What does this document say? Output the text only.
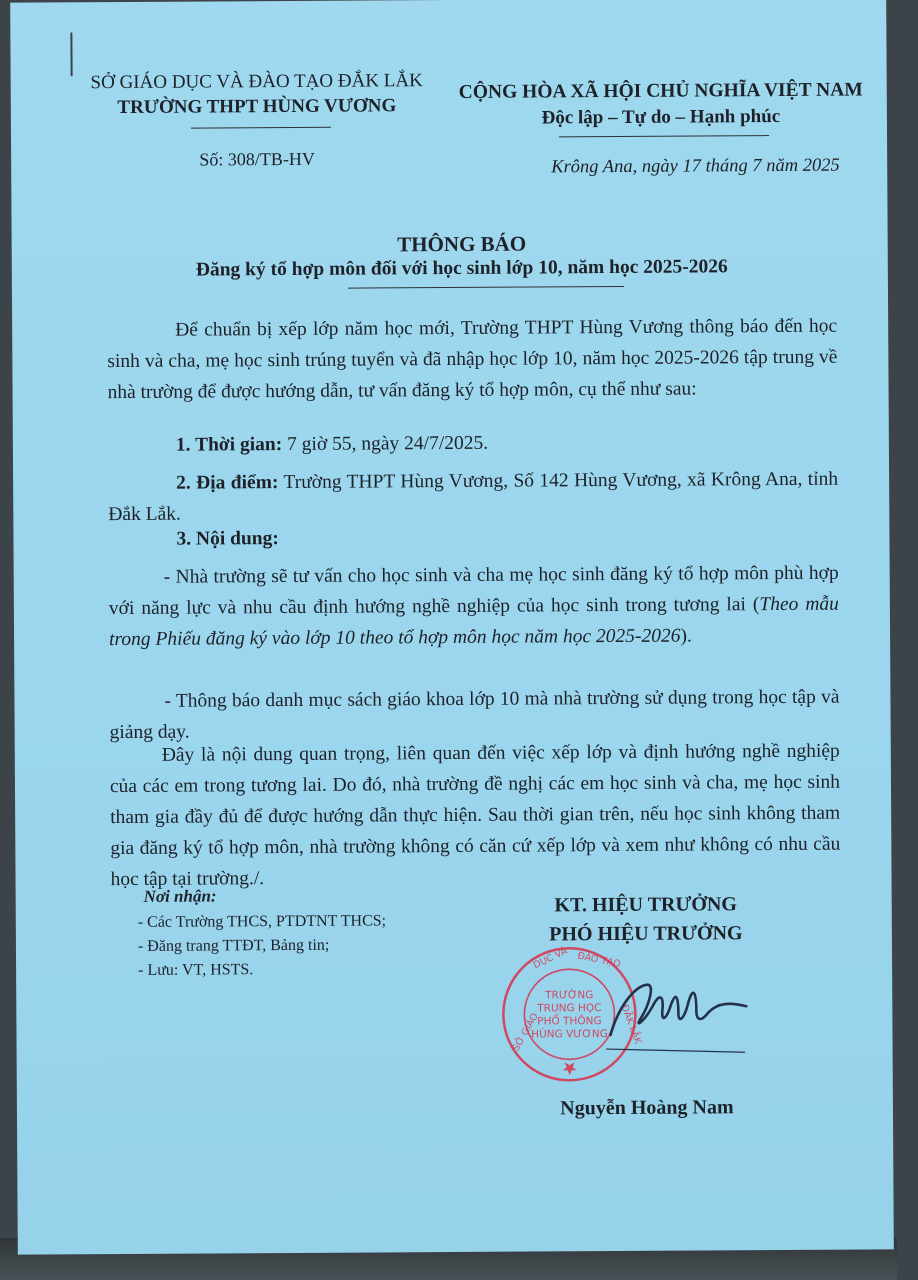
SỞ GIÁO DỤC VÀ ĐÀO TẠO ĐẮK LẮK
TRƯỜNG THPT HÙNG VƯƠNG
Số: 308/TB-HV
CỘNG HÒA XÃ HỘI CHỦ NGHĨA VIỆT NAM
Độc lập – Tự do – Hạnh phúc
Krông Ana, ngày 17 tháng 7 năm 2025
THÔNG BÁO
Đăng ký tổ hợp môn đối với học sinh lớp 10, năm học 2025-2026
Để chuẩn bị xếp lớp năm học mới, Trường THPT Hùng Vương thông báo đến học sinh và cha, mẹ học sinh trúng tuyển và đã nhập học lớp 10, năm học 2025-2026 tập trung về nhà trường để được hướng dẫn, tư vấn đăng ký tổ hợp môn, cụ thể như sau:
1. Thời gian: 7 giờ 55, ngày 24/7/2025.
2. Địa điểm: Trường THPT Hùng Vương, Số 142 Hùng Vương, xã Krông Ana, tỉnh Đắk Lắk.
3. Nội dung:
- Nhà trường sẽ tư vấn cho học sinh và cha mẹ học sinh đăng ký tổ hợp môn phù hợp với năng lực và nhu cầu định hướng nghề nghiệp của học sinh trong tương lai (Theo mẫu trong Phiếu đăng ký vào lớp 10 theo tổ hợp môn học năm học 2025-2026).
- Thông báo danh mục sách giáo khoa lớp 10 mà nhà trường sử dụng trong học tập và giảng dạy.
Đây là nội dung quan trọng, liên quan đến việc xếp lớp và định hướng nghề nghiệp của các em trong tương lai. Do đó, nhà trường đề nghị các em học sinh và cha, mẹ học sinh tham gia đầy đủ để được hướng dẫn thực hiện. Sau thời gian trên, nếu học sinh không tham gia đăng ký tổ hợp môn, nhà trường không có căn cứ xếp lớp và xem như không có nhu cầu học tập tại trường./.
Nơi nhận:
- Các Trường THCS, PTDTNT THCS;
- Đăng trang TTĐT, Bảng tin;
- Lưu: VT, HSTS.
KT. HIỆU TRƯỞNG
PHÓ HIỆU TRƯỞNG
TRƯỜNG
TRUNG HỌC
PHỔ THÔNG
HÙNG VƯƠNG
SỞ GIÁO
DỤC VÀ ĐÀO TẠO
ĐẮK LẮK
Nguyễn Hoàng Nam
